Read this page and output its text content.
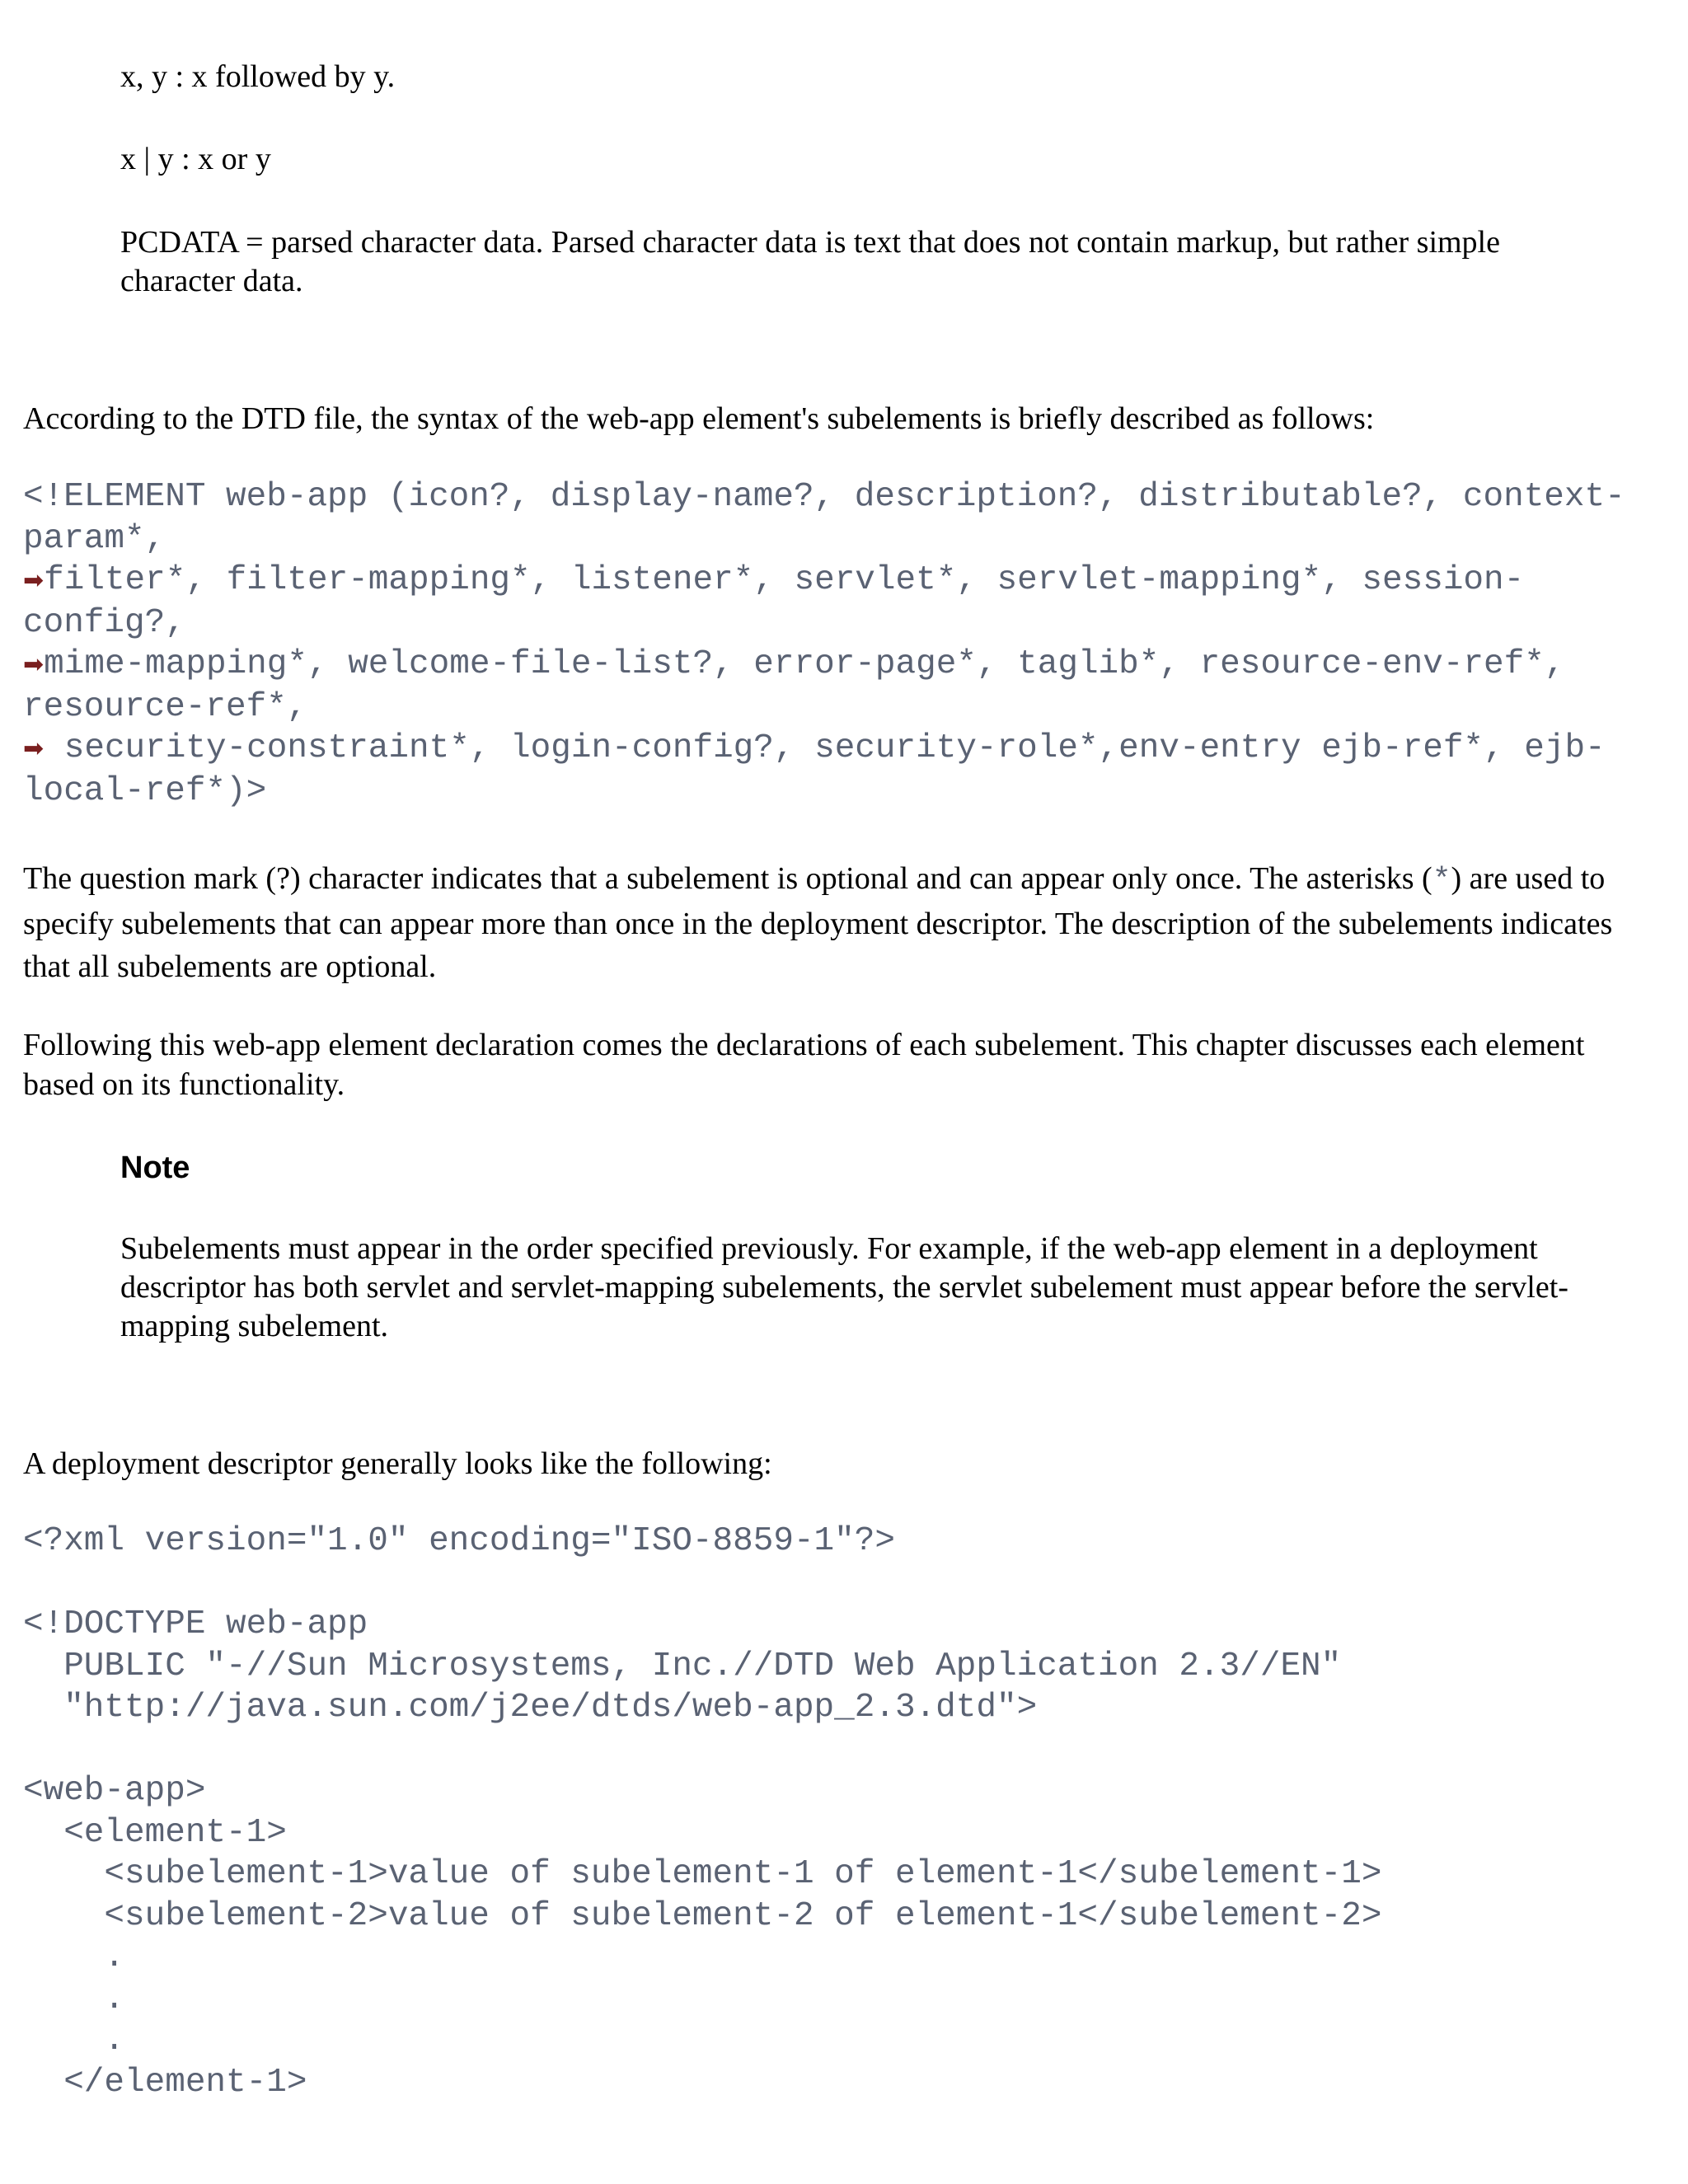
x, y : x followed by y.
x | y : x or y
PCDATA = parsed character data. Parsed character data is text that does not contain markup, but rather simple character data.
According to the DTD file, the syntax of the web-app element's subelements is briefly described as follows:
<!ELEMENT web-app (icon?, display-name?, description?, distributable?, context-
param*,
➡filter*, filter-mapping*, listener*, servlet*, servlet-mapping*, session-
config?,
➡mime-mapping*, welcome-file-list?, error-page*, taglib*, resource-env-ref*,
resource-ref*,
➡ security-constraint*, login-config?, security-role*,env-entry ejb-ref*, ejb-
local-ref*)>
The question mark (?) character indicates that a subelement is optional and can appear only once. The asterisks (*) are used to specify subelements that can appear more than once in the deployment descriptor. The description of the subelements indicates that all subelements are optional.
Following this web-app element declaration comes the declarations of each subelement. This chapter discusses each element based on its functionality.
Note
Subelements must appear in the order specified previously. For example, if the web-app element in a deployment descriptor has both servlet and servlet-mapping subelements, the servlet subelement must appear before the servlet-mapping subelement.
A deployment descriptor generally looks like the following:
<?xml version="1.0" encoding="ISO-8859-1"?>

<!DOCTYPE web-app
PUBLIC "-//Sun Microsystems, Inc.//DTD Web Application 2.3//EN"
"http://java.sun.com/j2ee/dtds/web-app_2.3.dtd">

<web-app>
<element-1>
<subelement-1>value of subelement-1 of element-1</subelement-1>
<subelement-2>value of subelement-2 of element-1</subelement-2>
.
.
.
</element-1>
